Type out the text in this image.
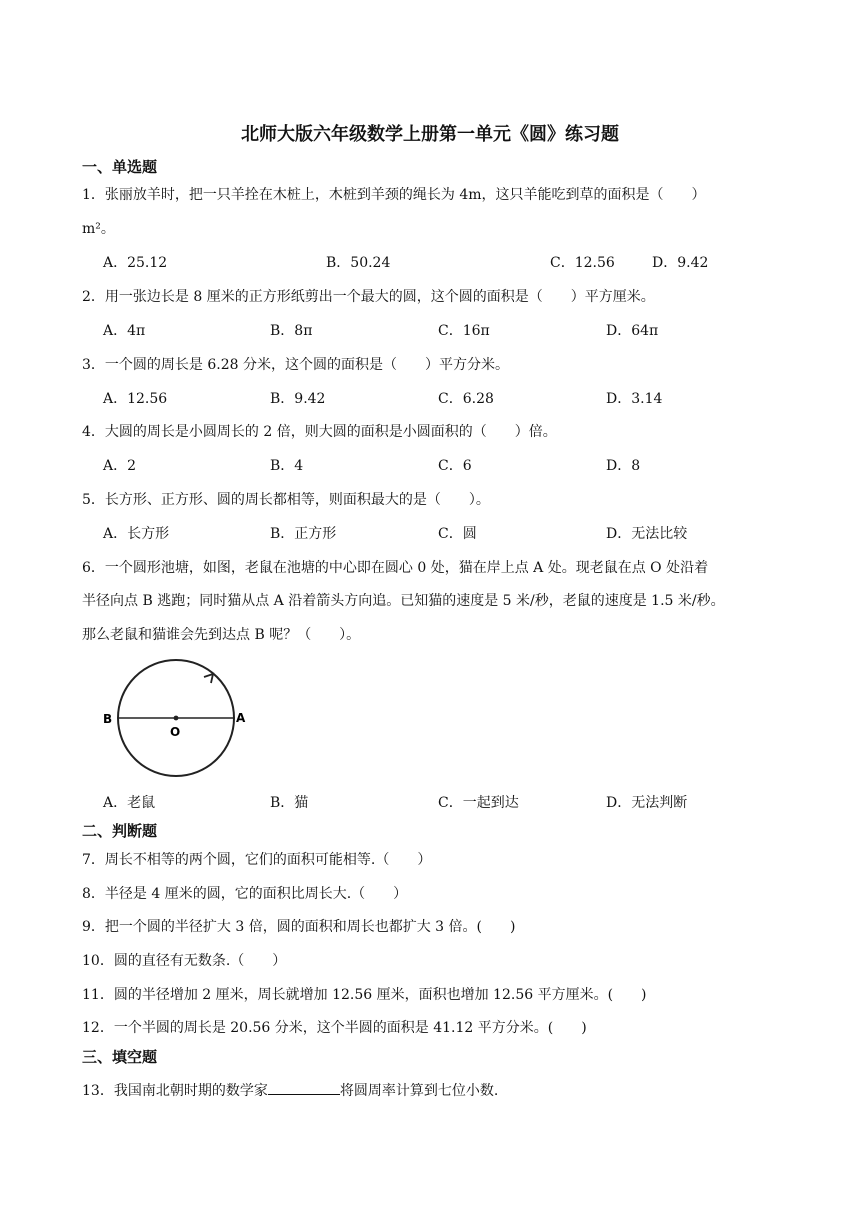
北师大版六年级数学上册第一单元《圆》练习题
一、单选题
1．张丽放羊时，把一只羊拴在木桩上，木桩到羊颈的绳长为 4m，这只羊能吃到草的面积是（　　）
m²。
A．25.12	B．50.24	C．12.56	D．9.42
2．用一张边长是 8 厘米的正方形纸剪出一个最大的圆，这个圆的面积是（　　）平方厘米。
A．4π	B．8π	C．16π	D．64π
3．一个圆的周长是 6.28 分米，这个圆的面积是（　　）平方分米。
A．12.56	B．9.42	C．6.28	D．3.14
4．大圆的周长是小圆周长的 2 倍，则大圆的面积是小圆面积的（　　）倍。
A．2	B．4	C．6	D．8
5．长方形、正方形、圆的周长都相等，则面积最大的是（　　）。
A．长方形	B．正方形	C．圆	D．无法比较
6．一个圆形池塘，如图，老鼠在池塘的中心即在圆心 0 处，猫在岸上点 A 处。现老鼠在点 O 处沿着
半径向点 B 逃跑；同时猫从点 A 沿着箭头方向追。已知猫的速度是 5 米/秒，老鼠的速度是 1.5 米/秒。
那么老鼠和猫谁会先到达点 B 呢？（　　）。
B	A
O
A．老鼠	B．猫	C．一起到达	D．无法判断
二、判断题
7．周长不相等的两个圆，它们的面积可能相等.（　　）
8．半径是 4 厘米的圆，它的面积比周长大.（　　）
9．把一个圆的半径扩大 3 倍，圆的面积和周长也都扩大 3 倍。(　　)
10．圆的直径有无数条.（　　）
11．圆的半径增加 2 厘米，周长就增加 12.56 厘米，面积也增加 12.56 平方厘米。(　　)
12．一个半圆的周长是 20.56 分米，这个半圆的面积是 41.12 平方分米。(　　)
三、填空题
13．我国南北朝时期的数学家	将圆周率计算到七位小数.
